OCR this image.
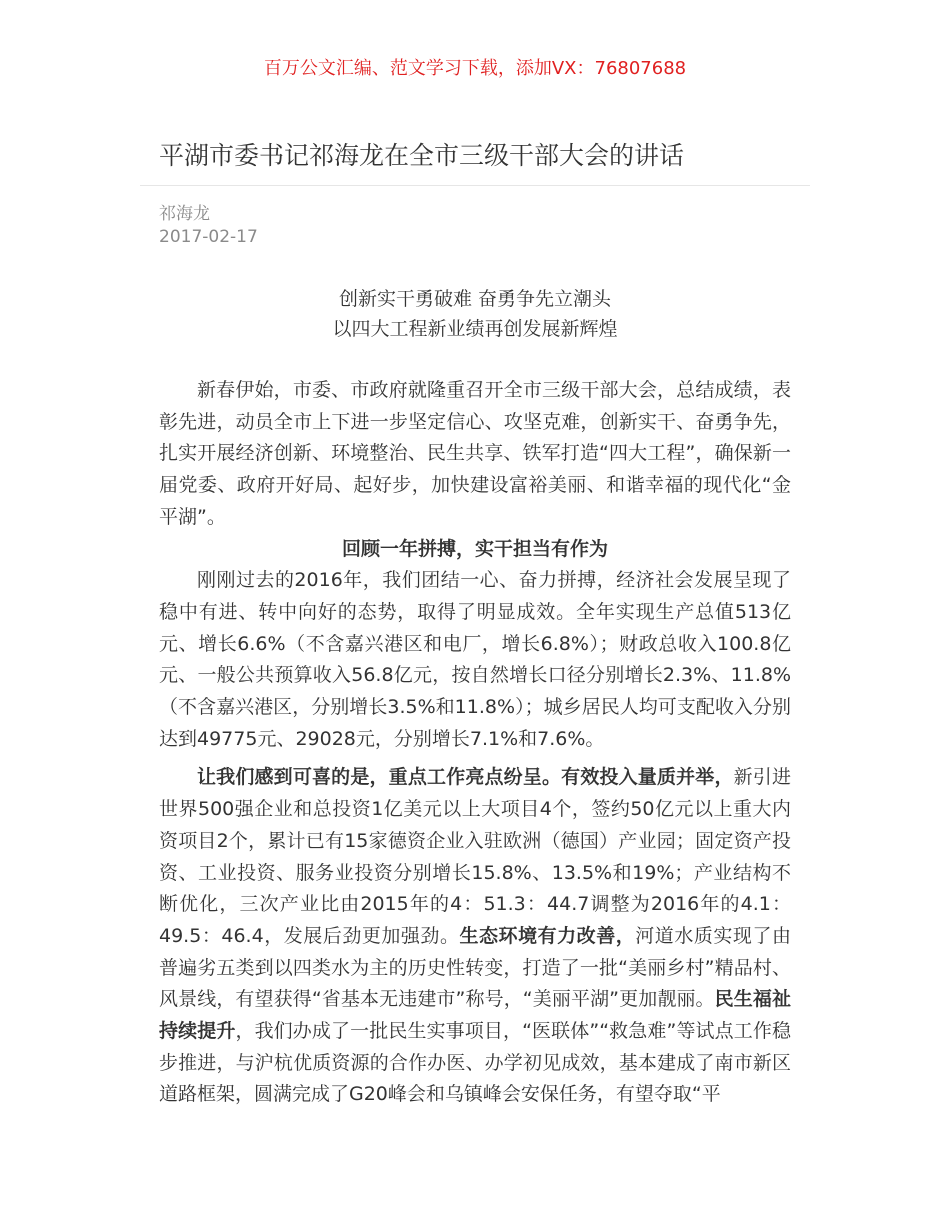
百万公文汇编、范文学习下载，添加VX：76807688
平湖市委书记祁海龙在全市三级干部大会的讲话
祁海龙
2017-02-17
创新实干勇破难 奋勇争先立潮头
以四大工程新业绩再创发展新辉煌

新春伊始，市委、市政府就隆重召开全市三级干部大会，总结成绩，表彰先进，动员全市上下进一步坚定信心、攻坚克难，创新实干、奋勇争先，扎实开展经济创新、环境整治、民生共享、铁军打造“四大工程”，确保新一届党委、政府开好局、起好步，加快建设富裕美丽、和谐幸福的现代化“金平湖”。

回顾一年拼搏，实干担当有作为

刚刚过去的2016年，我们团结一心、奋力拼搏，经济社会发展呈现了稳中有进、转中向好的态势，取得了明显成效。全年实现生产总值513亿元、增长6.6%（不含嘉兴港区和电厂，增长6.8%）；财政总收入100.8亿元、一般公共预算收入56.8亿元，按自然增长口径分别增长2.3%、11.8%（不含嘉兴港区，分别增长3.5%和11.8%）；城乡居民人均可支配收入分别达到49775元、29028元，分别增长7.1%和7.6%。

让我们感到可喜的是，重点工作亮点纷呈。有效投入量质并举，新引进世界500强企业和总投资1亿美元以上大项目4个，签约50亿元以上重大内资项目2个，累计已有15家德资企业入驻欧洲（德国）产业园；固定资产投资、工业投资、服务业投资分别增长15.8%、13.5%和19%；产业结构不断优化，三次产业比由2015年的4：51.3：44.7调整为2016年的4.1：49.5：46.4，发展后劲更加强劲。生态环境有力改善，河道水质实现了由普遍劣五类到以四类水为主的历史性转变，打造了一批“美丽乡村”精品村、风景线，有望获得“省基本无违建市”称号，“美丽平湖”更加靓丽。民生福祉持续提升，我们办成了一批民生实事项目，“医联体”“救急难”等试点工作稳步推进，与沪杭优质资源的合作办医、办学初见成效，基本建成了南市新区道路框架，圆满完成了G20峰会和乌镇峰会安保任务，有望夺取“平
